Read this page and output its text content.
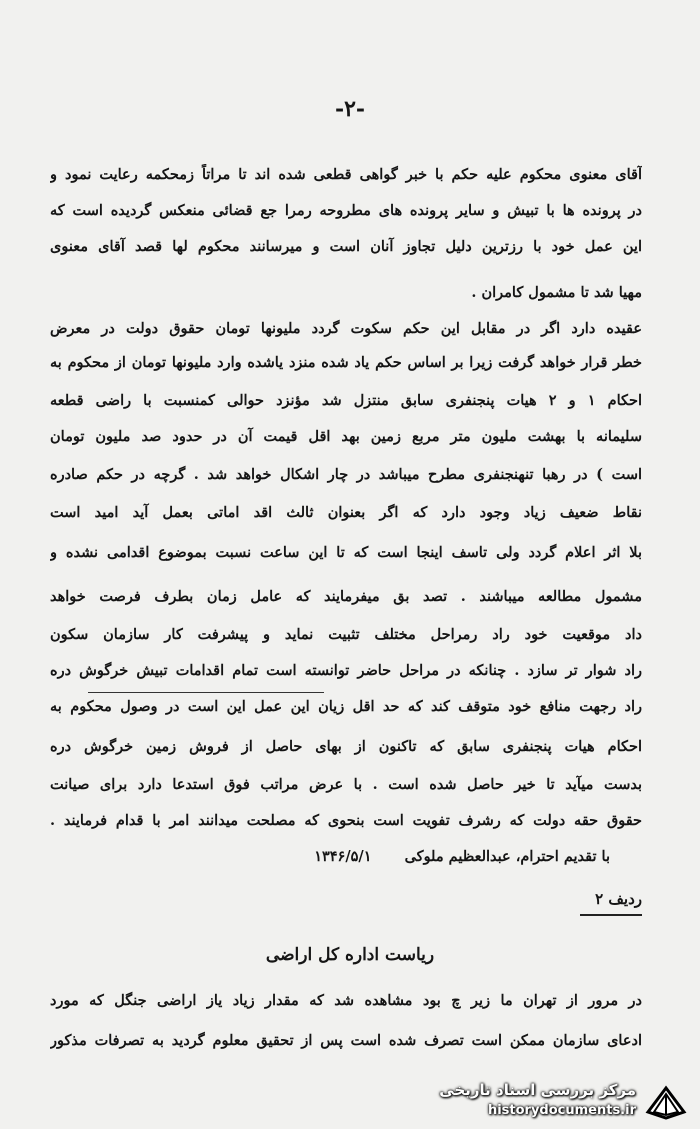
-۲-
آقای معنوی محکوم علیه حکم با خبر گواهی قطعی شده اند تا مراتاً زمحکمه رعایت نمود و
در پرونده ها با تبیش و سایر پرونده های مطروحه رمرا جع قضائی منعکس گردیده است که
این عمل خود با رزترین دلیل تجاوز آنان است و میرسانند محکوم لها قصد آقای معنوی
مهیا شد تا مشمول کامران .
عقیده دارد اگر در مقابل این حکم سکوت گردد ملیونها تومان حقوق دولت در معرض
خطر قرار خواهد گرفت زیرا بر اساس حکم یاد شده منزد یاشده وارد ملیونها تومان از محکوم به
احکام ۱ و ۲ هیات پنجنفری سابق منتزل شد مؤنزد حوالی کمنسبت با راضی قطعه
سلیمانه با بهشت ملیون متر مربع زمین بهد اقل قیمت آن در حدود صد ملیون تومان
است ) در رهبا تنهنجنفری مطرح میباشد در چار اشکال خواهد شد . گرچه در حکم صادره
نقاط ضعیف زیاد وجود دارد که اگر بعنوان ثالث اقد اماتی بعمل آید امید است
بلا اثر اعلام گردد ولی تاسف اینجا است که تا این ساعت نسبت بموضوع اقدامی نشده و
مشمول مطالعه میباشند . تصد بق میفرمایند که عامل زمان بطرف فرصت خواهد
داد موقعیت خود راد رمراحل مختلف تثبیت نماید و پیشرفت کار سازمان سکون
راد شوار تر سازد . چنانکه در مراحل حاضر توانسته است تمام اقدامات تبیش خرگوش دره
راد رجهت منافع خود متوقف کند که حد اقل زیان این عمل این است در وصول محکوم به
احکام هیات پنجنفری سابق که تاکنون از بهای حاصل از فروش زمین خرگوش دره
بدست میآید تا خیر حاصل شده است . با عرض مراتب فوق استدعا دارد برای صیانت
حقوق حقه دولت که رشرف تفویت است بنحوی که مصلحت میدانند امر با قدام فرمایند .
با تقدیم احترام، عبدالعظیم ملوکی ۱۳۴۶/۵/۱
ردیف ۲
ریاست اداره کل اراضی
در مرور از تهران ما زیر چ بود مشاهده شد که مقدار زیاد یاز اراضی جنگل که مورد
ادعای سازمان ممکن است تصرف شده است پس از تحقیق معلوم گردید به تصرفات مذکور
مرکز بررسی اسناد تاریخی
historydocuments.ir
